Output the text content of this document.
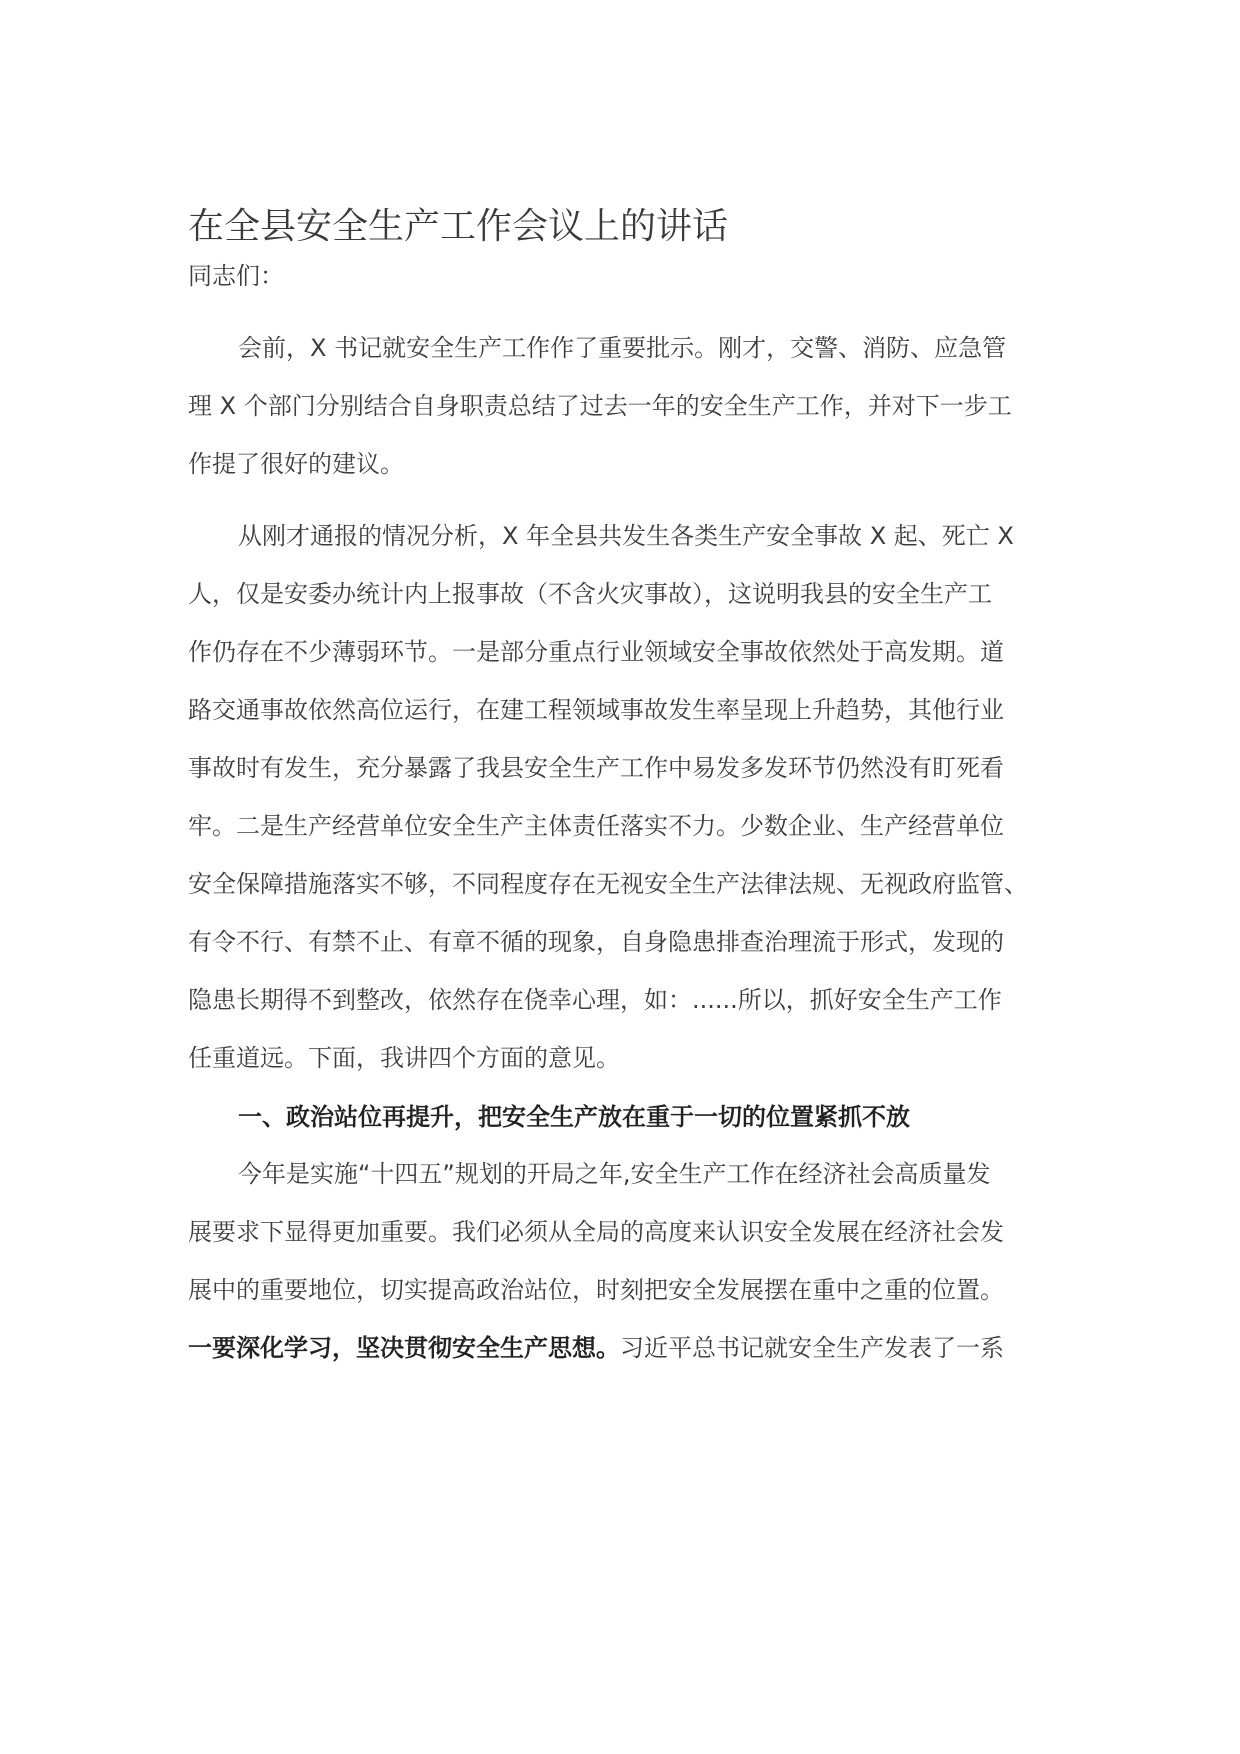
在全县安全生产工作会议上的讲话
同志们：
会前，X 书记就安全生产工作作了重要批示。刚才，交警、消防、应急管
理 X 个部门分别结合自身职责总结了过去一年的安全生产工作，并对下一步工
作提了很好的建议。
从刚才通报的情况分析，X 年全县共发生各类生产安全事故 X 起、死亡 X
人，仅是安委办统计内上报事故（不含火灾事故），这说明我县的安全生产工
作仍存在不少薄弱环节。一是部分重点行业领域安全事故依然处于高发期。道
路交通事故依然高位运行，在建工程领域事故发生率呈现上升趋势，其他行业
事故时有发生，充分暴露了我县安全生产工作中易发多发环节仍然没有盯死看
牢。二是生产经营单位安全生产主体责任落实不力。少数企业、生产经营单位
安全保障措施落实不够，不同程度存在无视安全生产法律法规、无视政府监管、
有令不行、有禁不止、有章不循的现象，自身隐患排查治理流于形式，发现的
隐患长期得不到整改，依然存在侥幸心理，如：......所以，抓好安全生产工作
任重道远。下面，我讲四个方面的意见。
一、政治站位再提升，把安全生产放在重于一切的位置紧抓不放
今年是实施“十四五”规划的开局之年,安全生产工作在经济社会高质量发
展要求下显得更加重要。我们必须从全局的高度来认识安全发展在经济社会发
展中的重要地位，切实提高政治站位，时刻把安全发展摆在重中之重的位置。
一要深化学习，坚决贯彻安全生产思想。习近平总书记就安全生产发表了一系
